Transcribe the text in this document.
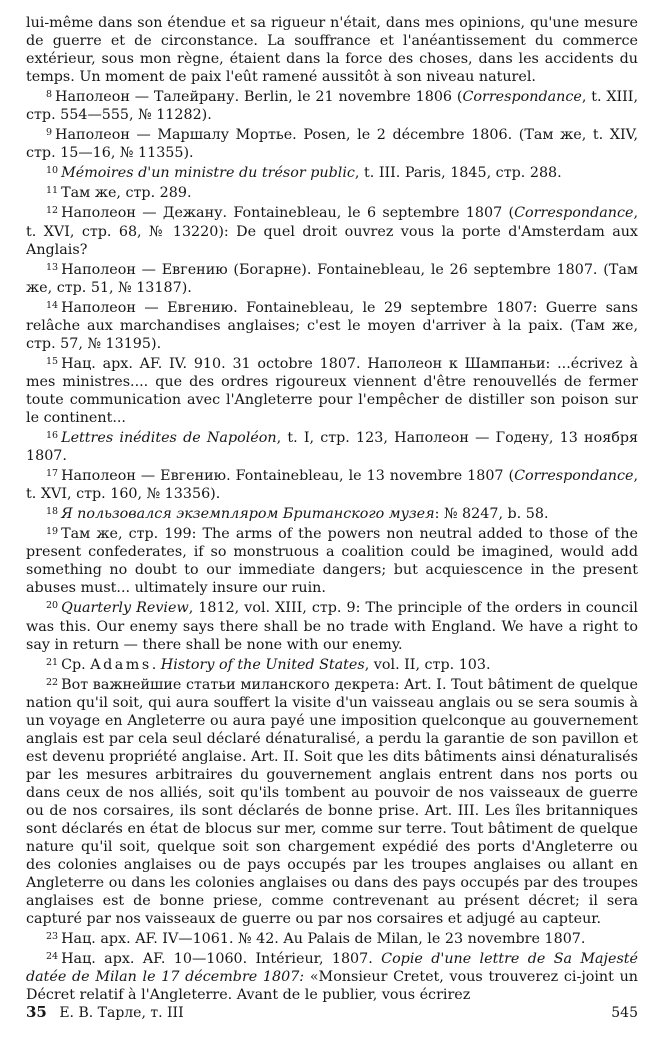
lui-même dans son étendue et sa rigueur n'était, dans mes opinions, qu'une mesure de guerre et de circonstance. La souffrance et l'anéantissement du commerce extérieur, sous mon règne, étaient dans la force des choses, dans les accidents du temps. Un moment de paix l'eût ramené aussitôt à son niveau naturel.

$^8$ Наполеон — Талейрану. Berlin, le 21 novembre 1806 (Correspondance, t. XIII, стр. 554—555, № 11282).

$^9$ Наполеон — Маршалу Мортье. Posen, le 2 décembre 1806. (Там же, t. XIV, стр. 15—16, № 11355).

$^{10}$ Mémoires d'un ministre du trésor public, t. III. Paris, 1845, стр. 288.

$^{11}$ Там же, стр. 289.

$^{12}$ Наполеон — Дежану. Fontainebleau, le 6 septembre 1807 (Correspondance, t. XVI, стр. 68, № 13220): De quel droit ouvrez vous la porte d'Amsterdam aux Anglais?

$^{13}$ Наполеон — Евгению (Богарне). Fontainebleau, le 26 septembre 1807. (Там же, стр. 51, № 13187).

$^{14}$ Наполеон — Евгению. Fontainebleau, le 29 septembre 1807: Guerre sans relâche aux marchandises anglaises; c'est le moyen d'arriver à la paix. (Там же, стр. 57, № 13195).

$^{15}$ Нац. арх. AF. IV. 910. 31 octobre 1807. Наполеон к Шампаньи: ...écrivez à mes ministres.... que des ordres rigoureux viennent d'être renouvellés de fermer toute communication avec l'Angleterre pour l'empêcher de distiller son poison sur le continent...

$^{16}$ Lettres inédites de Napoléon, t. I, стр. 123, Наполеон — Годену, 13 ноября 1807.

$^{17}$ Наполеон — Евгению. Fontainebleau, le 13 novembre 1807 (Correspondance, t. XVI, стр. 160, № 13356).

$^{18}$ Я пользовался экземпляром Британского музея: № 8247, b. 58.

$^{19}$ Там же, стр. 199: The arms of the powers non neutral added to those of the present confederates, if so monstruous a coalition could be imagined, would add something no doubt to our immediate dangers; but acquiescence in the present abuses must... ultimately insure our ruin.

$^{20}$ Quarterly Review, 1812, vol. XIII, стр. 9: The principle of the orders in council was this. Our enemy says there shall be no trade with England. We have a right to say in return — there shall be none with our enemy.

$^{21}$ Ср. Adams. History of the United States, vol. II, стр. 103.

$^{22}$ Вот важнейшие статьи миланского декрета: Art. I. Tout bâtiment de quelque nation qu'il soit, qui aura souffert la visite d'un vaisseau anglais ou se sera soumis à un voyage en Angleterre ou aura payé une imposition quelconque au gouvernement anglais est par cela seul déclaré dénaturalisé, a perdu la garantie de son pavillon et est devenu propriété anglaise. Art. II. Soit que les dits bâtiments ainsi dénaturalisés par les mesures arbitraires du gouvernement anglais entrent dans nos ports ou dans ceux de nos alliés, soit qu'ils tombent au pouvoir de nos vaisseaux de guerre ou de nos corsaires, ils sont déclarés de bonne prise. Art. III. Les îles britanniques sont déclarés en état de blocus sur mer, comme sur terre. Tout bâtiment de quelque nature qu'il soit, quelque soit son chargement expédié des ports d'Angleterre ou des colonies anglaises ou de pays occupés par les troupes anglaises ou allant en Angleterre ou dans les colonies anglaises ou dans des pays occupés par des troupes anglaises est de bonne priese, comme contrevenant au présent décret; il sera capturé par nos vaisseaux de guerre ou par nos corsaires et adjugé au capteur.

$^{23}$ Нац. арх. AF. IV—1061. № 42. Au Palais de Milan, le 23 novembre 1807.

$^{24}$ Нац. арх. AF. 10—1060. Intérieur, 1807. Copie d'une lettre de Sa Majesté datée de Milan le 17 décembre 1807: «Monsieur Cretet, vous trouverez ci-joint un Décret relatif à l'Angleterre. Avant de le publier, vous écrirez

35 Е. В. Тарле, т. III	545
